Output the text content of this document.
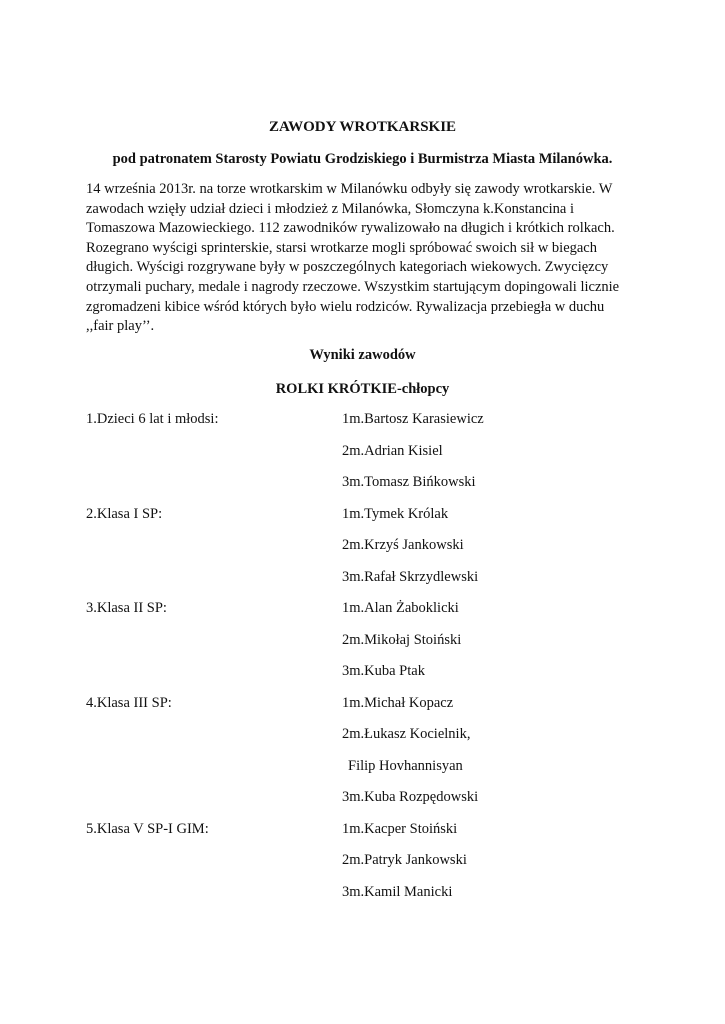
ZAWODY WROTKARSKIE
pod patronatem Starosty Powiatu Grodziskiego i Burmistrza Miasta Milanówka.
14 września 2013r. na torze wrotkarskim w Milanówku odbyły się zawody wrotkarskie. W
zawodach wzięły udział dzieci i młodzież z Milanówka, Słomczyna k.Konstancina i
Tomaszowa Mazowieckiego. 112 zawodników rywalizowało na długich i krótkich rolkach.
Rozegrano wyścigi sprinterskie, starsi wrotkarze mogli spróbować swoich sił w biegach
długich. Wyścigi rozgrywane były w poszczególnych kategoriach wiekowych. Zwycięzcy
otrzymali puchary, medale i nagrody rzeczowe. Wszystkim startującym dopingowali licznie
zgromadzeni kibice wśród których było wielu rodziców. Rywalizacja przebiegła w duchu
,,fair play’’.
Wyniki zawodów
ROLKI KRÓTKIE-chłopcy
1.Dzieci 6 lat i młodsi:	1m.Bartosz Karasiewicz
2m.Adrian Kisiel
3m.Tomasz Bińkowski
2.Klasa I SP:	1m.Tymek Królak
2m.Krzyś Jankowski
3m.Rafał Skrzydlewski
3.Klasa II SP:	1m.Alan Żaboklicki
2m.Mikołaj Stoiński
3m.Kuba Ptak
4.Klasa III SP:	1m.Michał Kopacz
2m.Łukasz Kocielnik,
Filip Hovhannisyan
3m.Kuba Rozpędowski
5.Klasa V SP-I GIM:	1m.Kacper Stoiński
2m.Patryk Jankowski
3m.Kamil Manicki
